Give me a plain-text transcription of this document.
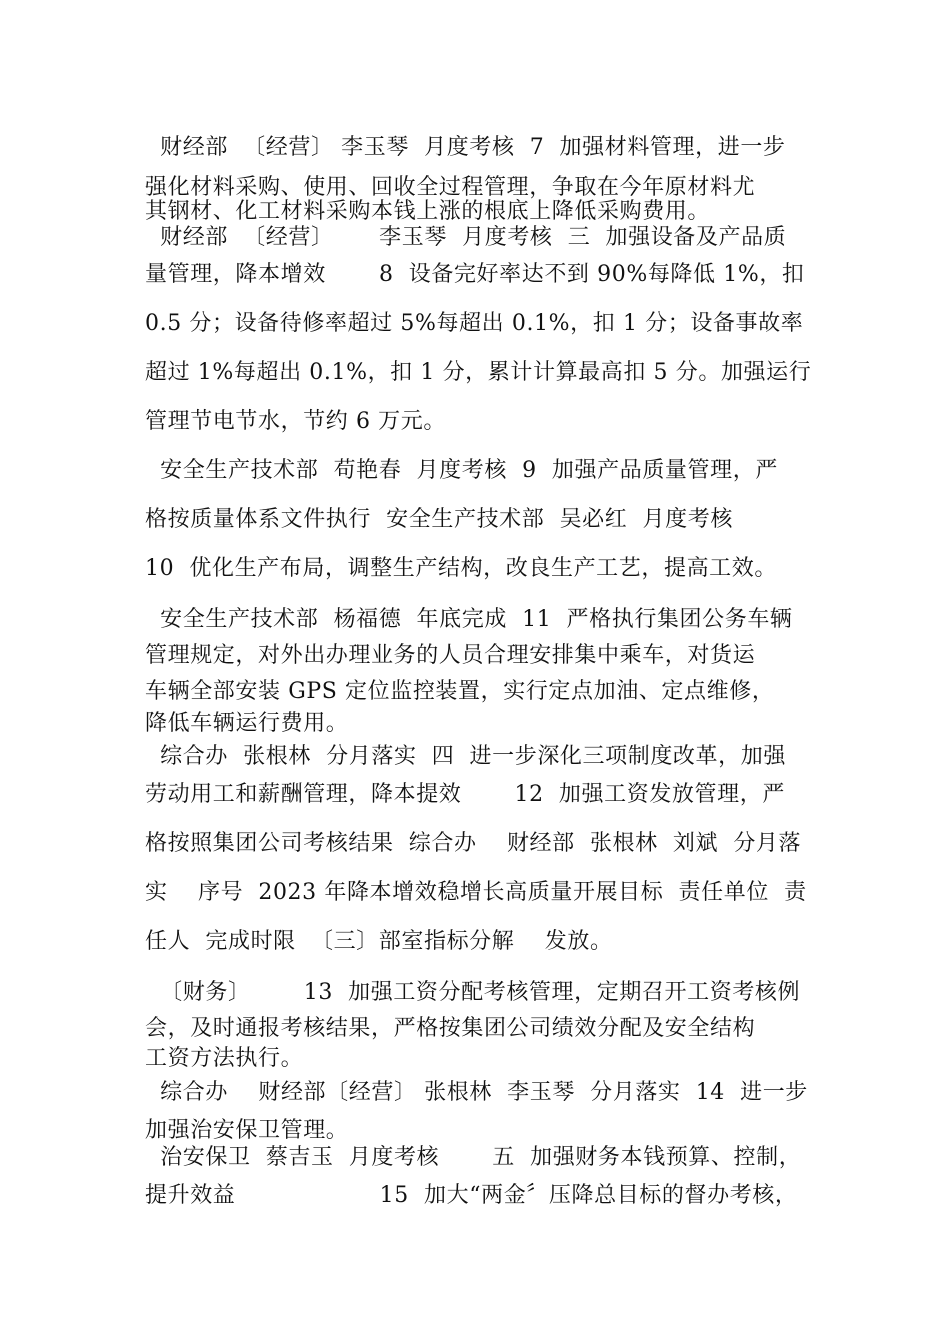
财经部  〔经营〕 李玉琴  月度考核  7  加强材料管理，进一步
强化材料采购、使用、回收全过程管理，争取在今年原材料尤
其钢材、化工材料采购本钱上涨的根底上降低采购费用。
财经部  〔经营〕      李玉琴  月度考核  三  加强设备及产品质
量管理，降本增效       8  设备完好率达不到 90%每降低 1%，扣
0.5 分；设备待修率超过 5%每超出 0.1%，扣 1 分；设备事故率
超过 1%每超出 0.1%，扣 1 分，累计计算最高扣 5 分。加强运行
管理节电节水，节约 6 万元。
安全生产技术部  苟艳春  月度考核  9  加强产品质量管理，严
格按质量体系文件执行  安全生产技术部  吴必红  月度考核
10  优化生产布局，调整生产结构，改良生产工艺，提高工效。
安全生产技术部  杨福德  年底完成  11  严格执行集团公务车辆
管理规定，对外出办理业务的人员合理安排集中乘车，对货运
车辆全部安装 GPS 定位监控装置，实行定点加油、定点维修，
降低车辆运行费用。
综合办  张根林  分月落实  四  进一步深化三项制度改革，加强
劳动用工和薪酬管理，降本提效       12  加强工资发放管理，严
格按照集团公司考核结果  综合办    财经部  张根林  刘斌  分月落
实    序号  2023 年降本增效稳增长高质量开展目标  责任单位  责
任人  完成时限  〔三〕部室指标分解    发放。
〔财务〕       13  加强工资分配考核管理，定期召开工资考核例
会，及时通报考核结果，严格按集团公司绩效分配及安全结构
工资方法执行。
综合办    财经部〔经营〕 张根林  李玉琴  分月落实  14  进一步
加强治安保卫管理。
治安保卫  蔡吉玉  月度考核       五  加强财务本钱预算、控制，
提升效益                   15  加大“两金〞压降总目标的督办考核，
